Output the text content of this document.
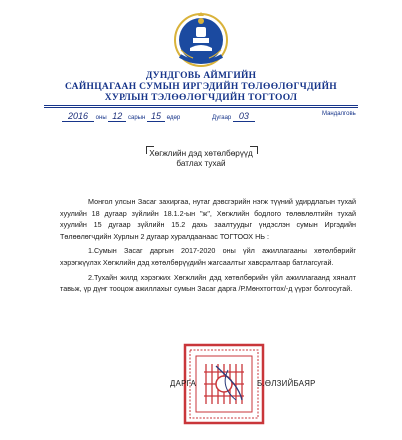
ДУНДГОВЬ АЙМГИЙН
САЙНЦАГААН СУМЫН ИРГЭДИЙН ТӨЛӨӨЛӨГЧДИЙН
ХУРЛЫН ТЭЛӨӨЛӨГЧДИЙН ТОГТООЛ
2016 оны 12 сарын 15 өдөр	Дугаар 03	Мандалговь
Хөгжлийн дэд хөтөлбөрүүд
батлах тухай

Монгол улсын Засаг захиргаа, нутаг дэвсгэрийн нэгж түүний удирдлагын тухай хуулийн 18 дугаар зүйлийн 18.1.2-ын "ж", Хөгжлийн бодлого төлөвлөлтийн тухай хуулийн 15 дугаар зүйлийн 15.2 дахь заалтуудыг үндэслэн сумын Иргэдийн Төлөөлөгчдийн Хурлын 2 дугаар хуралдаанаас ТОГТООХ НЬ :

1.Сумын Засаг даргын 2017-2020 оны үйл ажиллагааны хөтөлбөрийг хэрэгжүүлэх Хөгжлийн дэд хөтөлбөрүүдийн жагсаалтыг хавсралтаар батлагсугай.

2.Тухайн жилд хэрэгжих Хөгжлийн дэд хөтөлбөрийн үйл ажиллагаанд хяналт тавьж, үр дүнг тооцож ажиллахыг сумын Засаг дарга /Р.Мөнхтогтох/-д үүрэг болгосугай.

ДАРГА	Б.ӨЛЗИЙБАЯР
